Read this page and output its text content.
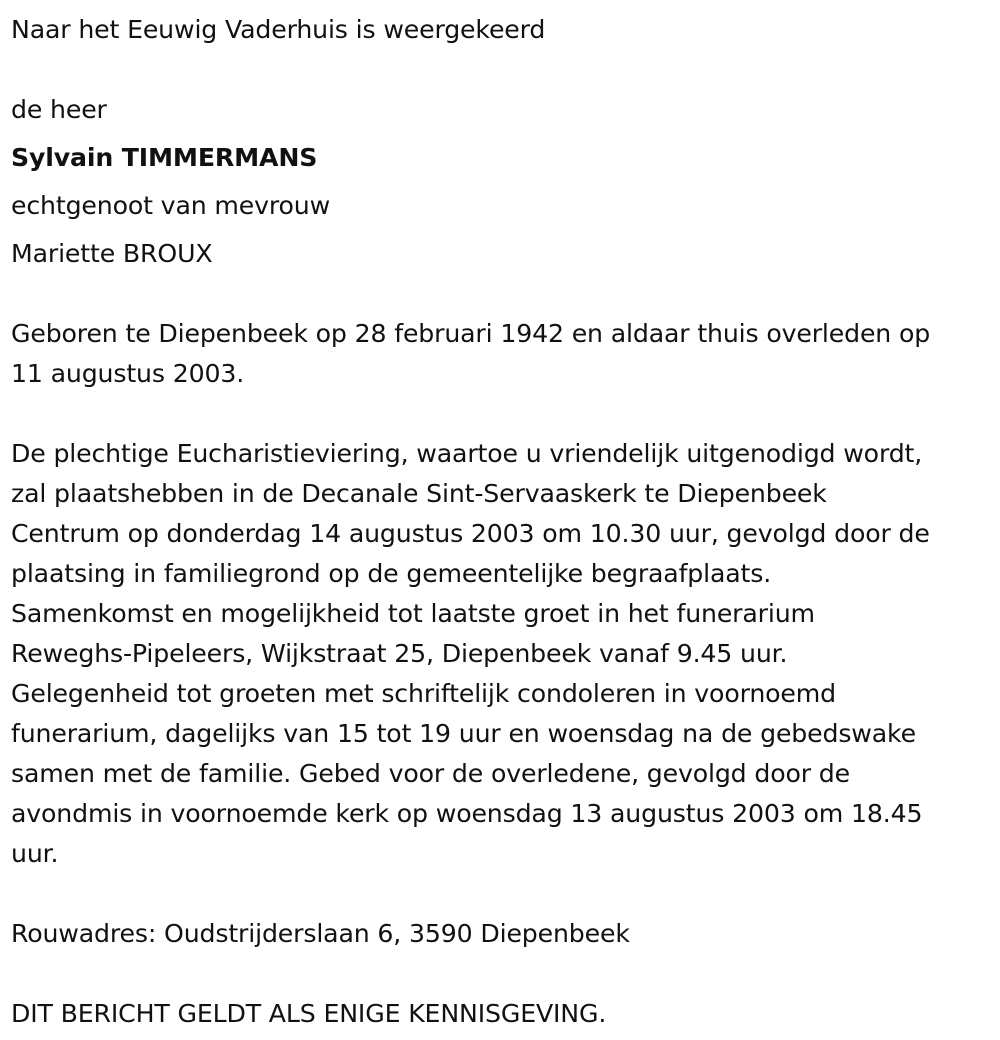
Naar het Eeuwig Vaderhuis is weergekeerd
de heer
Sylvain TIMMERMANS
echtgenoot van mevrouw
Mariette BROUX
Geboren te Diepenbeek op 28 februari 1942 en aldaar thuis overleden op
11 augustus 2003.
De plechtige Eucharistieviering, waartoe u vriendelijk uitgenodigd wordt,
zal plaatshebben in de Decanale Sint-Servaaskerk te Diepenbeek
Centrum op donderdag 14 augustus 2003 om 10.30 uur, gevolgd door de
plaatsing in familiegrond op de gemeentelijke begraafplaats.
Samenkomst en mogelijkheid tot laatste groet in het funerarium
Reweghs-Pipeleers, Wijkstraat 25, Diepenbeek vanaf 9.45 uur.
Gelegenheid tot groeten met schriftelijk condoleren in voornoemd
funerarium, dagelijks van 15 tot 19 uur en woensdag na de gebedswake
samen met de familie. Gebed voor de overledene, gevolgd door de
avondmis in voornoemde kerk op woensdag 13 augustus 2003 om 18.45
uur.
Rouwadres: Oudstrijderslaan 6, 3590 Diepenbeek
DIT BERICHT GELDT ALS ENIGE KENNISGEVING.
